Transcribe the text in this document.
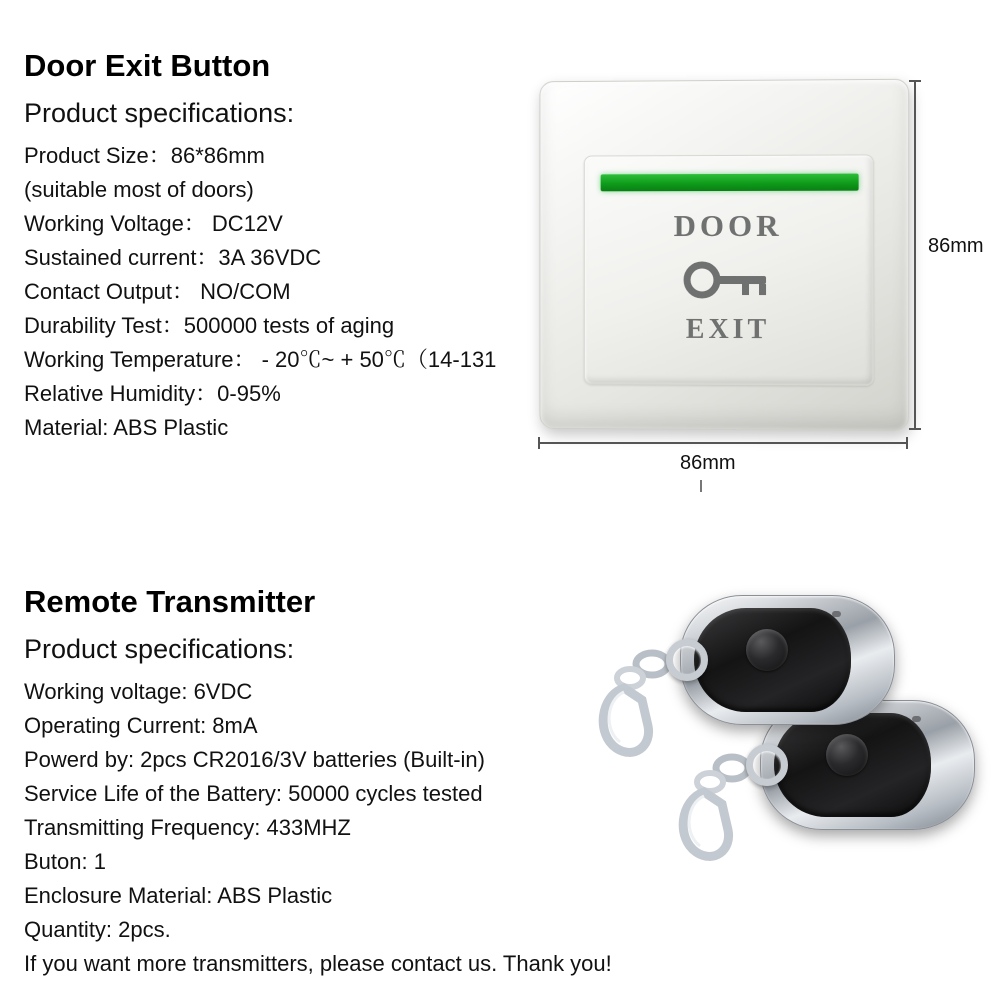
Door Exit Button
Product specifications:
Product Size：86*86mm
(suitable most of doors)
Working Voltage： DC12V
Sustained current：3A 36VDC
Contact Output： NO/COM
Durability Test：500000 tests of aging
Working Temperature： - 20℃~ + 50℃（14-131
Relative Humidity：0-95%
Material: ABS Plastic
DOOR
EXIT
86mm
86mm
Remote Transmitter
Product specifications:
Working voltage: 6VDC
Operating Current: 8mA
Powerd by: 2pcs CR2016/3V batteries (Built-in)
Service Life of the Battery: 50000 cycles tested
Transmitting Frequency: 433MHZ
Buton: 1
Enclosure Material: ABS Plastic
Quantity: 2pcs.
If you want more transmitters, please contact us. Thank you!
